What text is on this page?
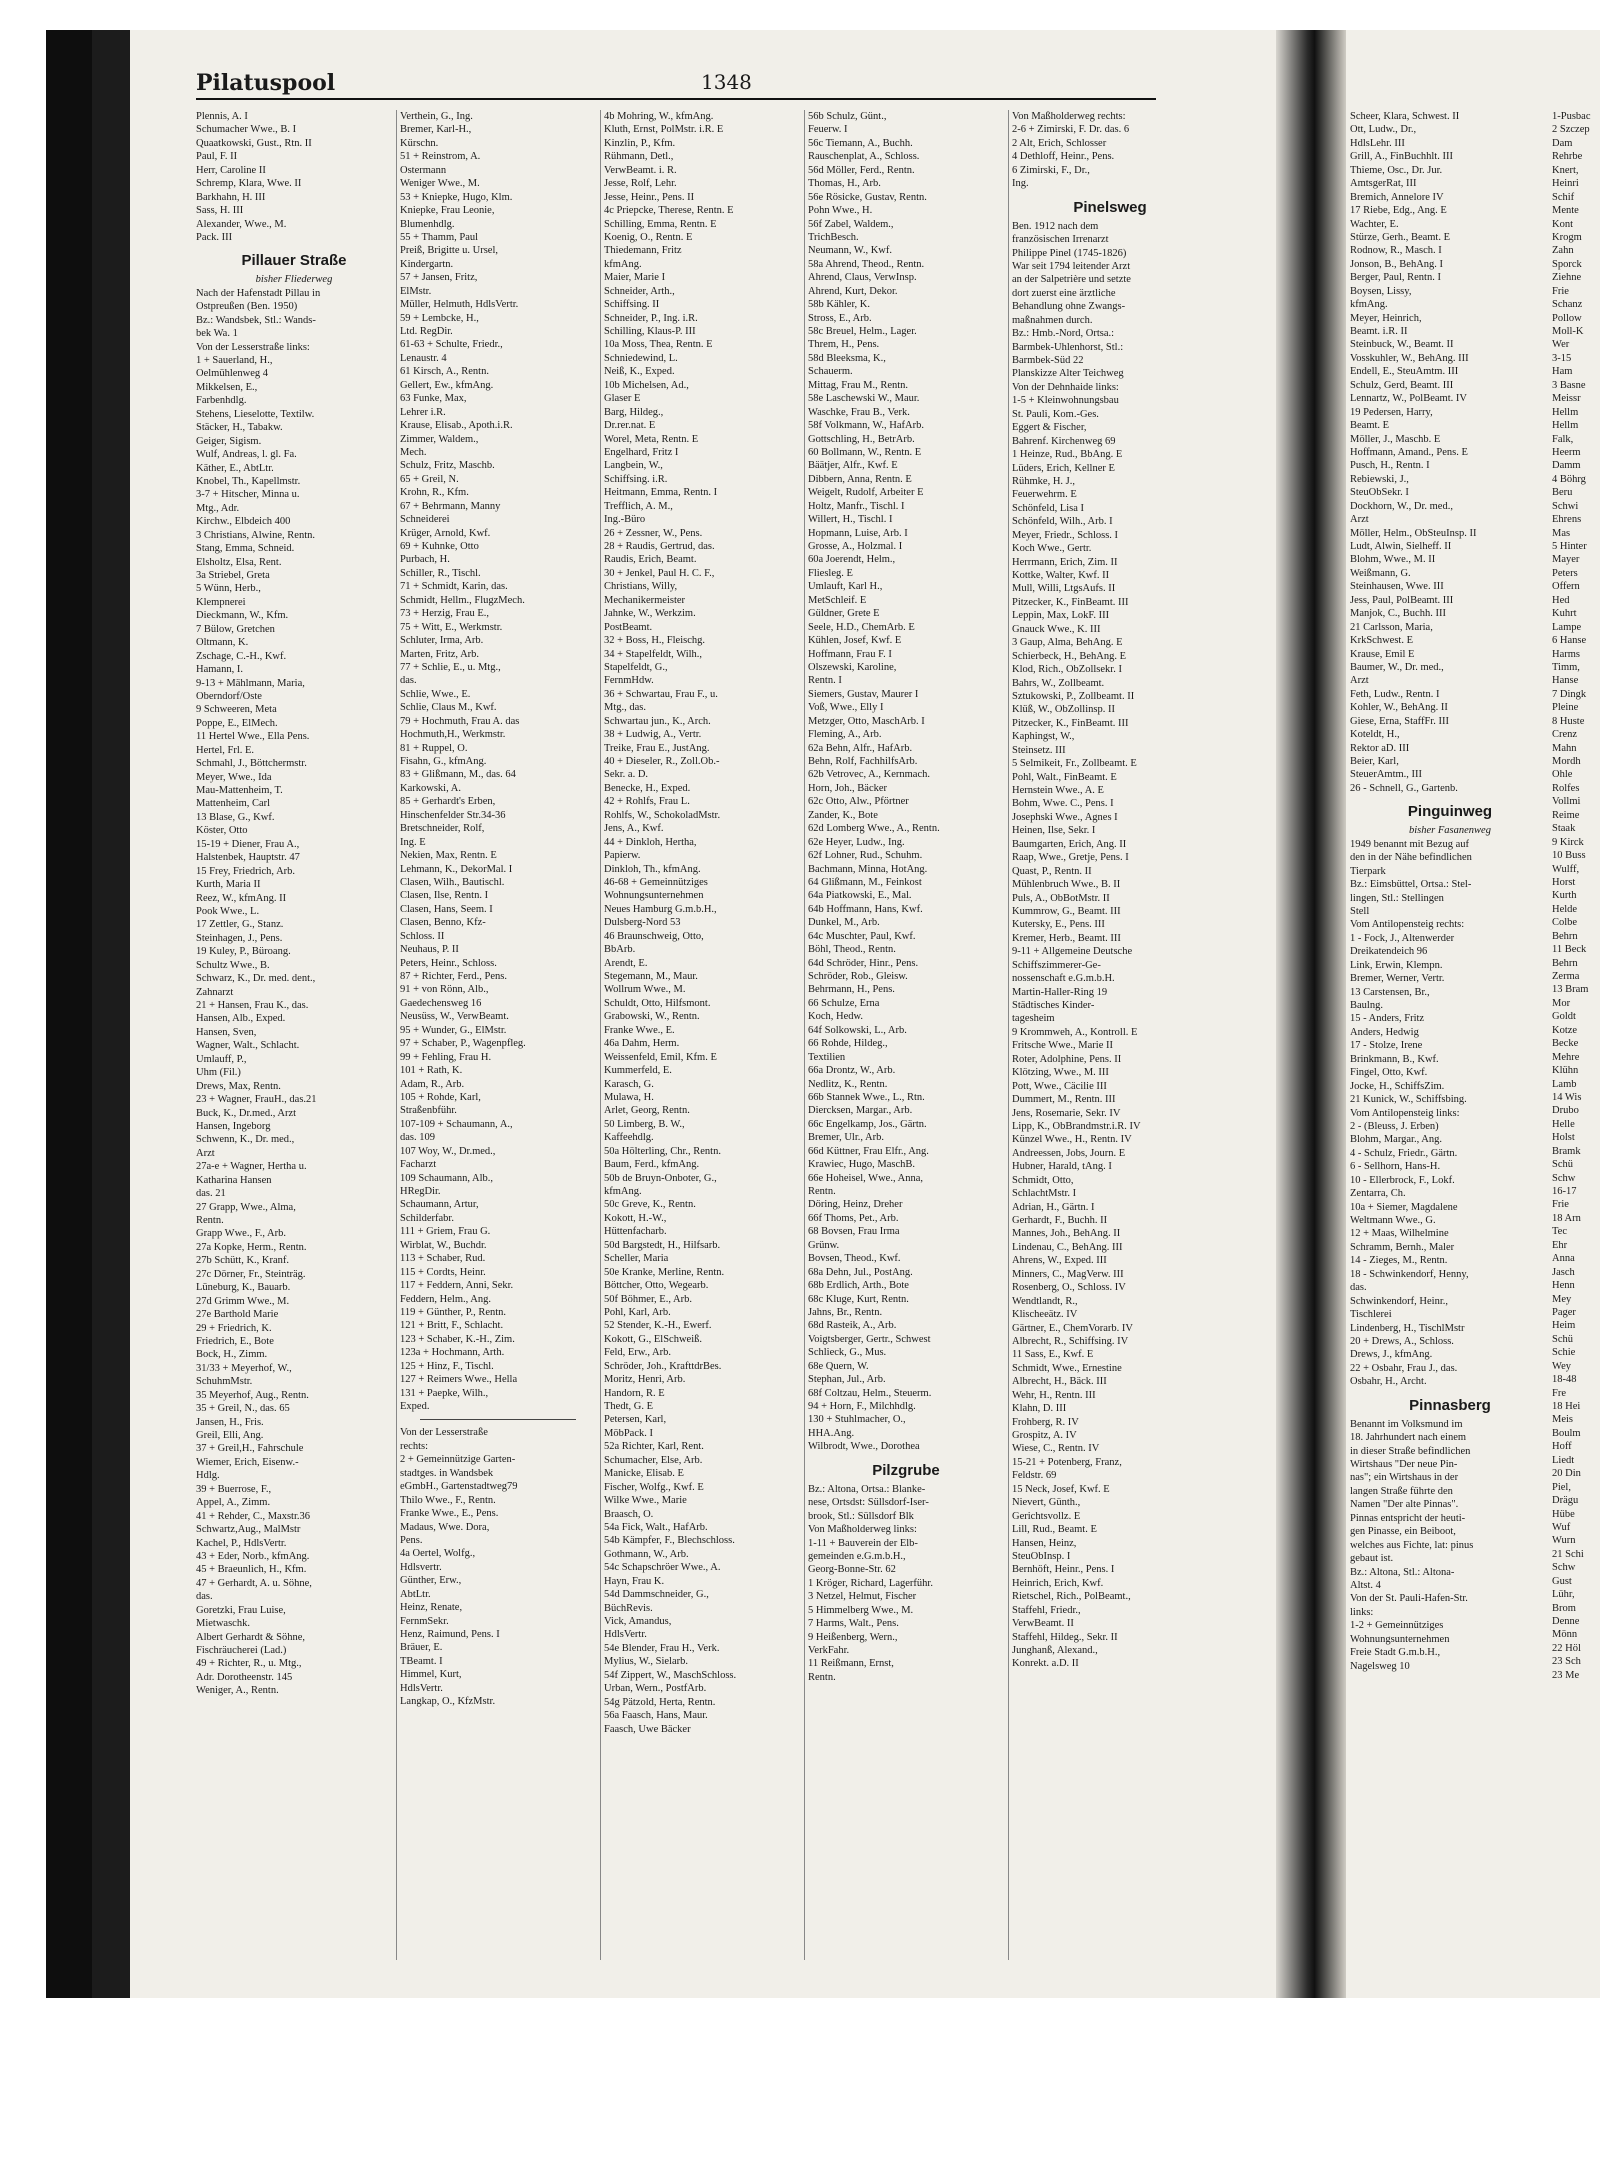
Pilatuspool	1348
Plennis, A. I
Schumacher Wwe., B. I
Quaatkowski, Gust., Rtn. II
Paul, F. II
Herr, Caroline II
Schremp, Klara, Wwe. II
Barkhahn, H. III
Sass, H. III
Alexander, Wwe., M.
Pack. III
Pillauer Straße
bisher Fliederweg
Nach der Hafenstadt Pillau in
Ostpreußen (Ben. 1950)
Bz.: Wandsbek, Stl.: Wands-
bek Wa. 1
Von der Lesserstraße links:
1 + Sauerland, H.,
Oelmühlenweg 4
Mikkelsen, E.,
Farbenhdlg.
Stehens, Lieselotte, Textilw.
Stäcker, H., Tabakw.
Geiger, Sigism.
Wulf, Andreas, l. gl. Fa.
Käther, E., AbtLtr.
Knobel, Th., Kapellmstr.
3-7 + Hitscher, Minna u.
Mtg., Adr.
Kirchw., Elbdeich 400
3 Christians, Alwine, Rentn.
Stang, Emma, Schneid.
Elsholtz, Elsa, Rent.
3a Striebel, Greta
5 Wünn, Herb.,
Klempnerei
Dieckmann, W., Kfm.
7 Bülow, Gretchen
Oltmann, K.
Zschage, C.-H., Kwf.
Hamann, I.
9-13 + Mählmann, Maria,
Oberndorf/Oste
9 Schweeren, Meta
Poppe, E., ElMech.
11 Hertel Wwe., Ella Pens.
Hertel, Frl. E.
Schmahl, J., Böttchermstr.
Meyer, Wwe., Ida
Mau-Mattenheim, T.
Mattenheim, Carl
13 Blase, G., Kwf.
Köster, Otto
15-19 + Diener, Frau A.,
Halstenbek, Hauptstr. 47
15 Frey, Friedrich, Arb.
Kurth, Maria II
Reez, W., kfmAng. II
Pook Wwe., L.
17 Zettler, G., Stanz.
Steinhagen, J., Pens.
19 Kuley, P., Büroang.
Schultz Wwe., B.
Schwarz, K., Dr. med. dent.,
Zahnarzt
21 + Hansen, Frau K., das.
Hansen, Alb., Exped.
Hansen, Sven,
Wagner, Walt., Schlacht.
Umlauff, P.,
Uhm (Fil.)
Drews, Max, Rentn.
23 + Wagner, FrauH., das.21
Buck, K., Dr.med., Arzt
Hansen, Ingeborg
Schwenn, K., Dr. med.,
Arzt
27a-e + Wagner, Hertha u.
Katharina Hansen
das. 21
27 Grapp, Wwe., Alma,
Rentn.
Grapp Wwe., F., Arb.
27a Kopke, Herm., Rentn.
27b Schütt, K., Kranf.
27c Dörner, Fr., Steinträg.
Lüneburg, K., Bauarb.
27d Grimm Wwe., M.
27e Barthold Marie
29 + Friedrich, K.
Friedrich, E., Bote
Bock, H., Zimm.
31/33 + Meyerhof, W.,
SchuhmMstr.
35 Meyerhof, Aug., Rentn.
35 + Greil, N., das. 65
Jansen, H., Fris.
Greil, Elli, Ang.
37 + Greil,H., Fahrschule
Wiemer, Erich, Eisenw.-
Hdlg.
39 + Buerrose, F.,
Appel, A., Zimm.
41 + Rehder, C., Maxstr.36
Schwartz,Aug., MalMstr
Kachel, P., HdlsVertr.
43 + Eder, Norb., kfmAng.
45 + Braeunlich, H., Kfm.
47 + Gerhardt, A. u. Söhne,
das.
Goretzki, Frau Luise,
Mietwaschk.
Albert Gerhardt & Söhne,
Fischräucherei (Lad.)
49 + Richter, R., u. Mtg.,
Adr. Dorotheenstr. 145
Weniger, A., Rentn.
Verthein, G., Ing.
Bremer, Karl-H.,
Kürschn.
51 + Reinstrom, A.
Ostermann
Weniger Wwe., M.
53 + Kniepke, Hugo, Klm.
Kniepke, Frau Leonie,
Blumenhdlg.
55 + Thamm, Paul
Preiß, Brigitte u. Ursel,
Kindergartn.
57 + Jansen, Fritz,
ElMstr.
Müller, Helmuth, HdlsVertr.
59 + Lembcke, H.,
Ltd. RegDir.
61-63 + Schulte, Friedr.,
Lenaustr. 4
61 Kirsch, A., Rentn.
Gellert, Ew., kfmAng.
63 Funke, Max,
Lehrer i.R.
Krause, Elisab., Apoth.i.R.
Zimmer, Waldem.,
Mech.
Schulz, Fritz, Maschb.
65 + Greil, N.
Krohn, R., Kfm.
67 + Behrmann, Manny
Schneiderei
Krüger, Arnold, Kwf.
69 + Kuhnke, Otto
Purbach, H.
Schiller, R., Tischl.
71 + Schmidt, Karin, das.
Schmidt, Hellm., FlugzMech.
73 + Herzig, Frau E.,
75 + Witt, E., Werkmstr.
Schluter, Irma, Arb.
Marten, Fritz, Arb.
77 + Schlie, E., u. Mtg.,
das.
Schlie, Wwe., E.
Schlie, Claus M., Kwf.
79 + Hochmuth, Frau A. das
Hochmuth,H., Werkmstr.
81 + Ruppel, O.
Fisahn, G., kfmAng.
83 + Glißmann, M., das. 64
Karkowski, A.
85 + Gerhardt's Erben,
Hinschenfelder Str.34-36
Bretschneider, Rolf,
Ing. E
Nekien, Max, Rentn. E
Lehmann, K., DekorMal. I
Clasen, Wilh., Bautischl.
Clasen, Ilse, Rentn. I
Clasen, Hans, Seem. I
Clasen, Benno, Kfz-
Schloss. II
Neuhaus, P. II
Peters, Heinr., Schloss.
87 + Richter, Ferd., Pens.
91 + von Rönn, Alb.,
Gaedechensweg 16
Neusüss, W., VerwBeamt.
95 + Wunder, G., ElMstr.
97 + Schaber, P., Wagenpfleg.
99 + Fehling, Frau H.
101 + Rath, K.
Adam, R., Arb.
105 + Rohde, Karl,
Straßenbführ.
107-109 + Schaumann, A.,
das. 109
107 Woy, W., Dr.med.,
Facharzt
109 Schaumann, Alb.,
HRegDir.
Schaumann, Artur,
Schilderfabr.
111 + Griem, Frau G.
Wirblat, W., Buchdr.
113 + Schaber, Rud.
115 + Cordts, Heinr.
117 + Feddern, Anni, Sekr.
Feddern, Helm., Ang.
119 + Günther, P., Rentn.
121 + Britt, F., Schlacht.
123 + Schaber, K.-H., Zim.
123a + Hochmann, Arth.
125 + Hinz, F., Tischl.
127 + Reimers Wwe., Hella
131 + Paepke, Wilh.,
Exped.
Von der Lesserstraße
rechts:
2 + Gemeinnützige Garten-
stadtges. in Wandsbek
eGmbH., Gartenstadtweg79
Thilo Wwe., F., Rentn.
Franke Wwe., E., Pens.
Madaus, Wwe. Dora,
Pens.
4a Oertel, Wolfg.,
Hdlsvertr.
Günther, Erw.,
AbtLtr.
Heinz, Renate,
FernmSekr.
Henz, Raimund, Pens. I
Bräuer, E.
TBeamt. I
Himmel, Kurt,
HdlsVertr.
Langkap, O., KfzMstr.
4b Mohring, W., kfmAng.
Kluth, Ernst, PolMstr. i.R. E
Kinzlin, P., Kfm.
Rühmann, Detl.,
VerwBeamt. i. R.
Jesse, Rolf, Lehr.
Jesse, Heinr., Pens. II
4c Priepcke, Therese, Rentn. E
Schilling, Emma, Rentn. E
Koenig, O., Rentn. E
Thiedemann, Fritz
kfmAng.
Maier, Marie I
Schneider, Arth.,
Schiffsing. II
Schneider, P., Ing. i.R.
Schilling, Klaus-P. III
10a Moss, Thea, Rentn. E
Schniedewind, L.
Neiß, K., Exped.
10b Michelsen, Ad.,
Glaser E
Barg, Hildeg.,
Dr.rer.nat. E
Worel, Meta, Rentn. E
Engelhard, Fritz I
Langbein, W.,
Schiffsing. i.R.
Heitmann, Emma, Rentn. I
Trefflich, A. M.,
Ing.-Büro
26 + Zessner, W., Pens.
28 + Raudis, Gertrud, das.
Raudis, Erich, Beamt.
30 + Jenkel, Paul H. C. F.,
Christians, Willy,
Mechanikermeister
Jahnke, W., Werkzim.
PostBeamt.
32 + Boss, H., Fleischg.
34 + Stapelfeldt, Wilh.,
Stapelfeldt, G.,
FernmHdw.
36 + Schwartau, Frau F., u.
Mtg., das.
Schwartau jun., K., Arch.
38 + Ludwig, A., Vertr.
Treike, Frau E., JustAng.
40 + Dieseler, R., Zoll.Ob.-
Sekr. a. D.
Benecke, H., Exped.
42 + Rohlfs, Frau L.
Rohlfs, W., SchokoladMstr.
Jens, A., Kwf.
44 + Dinkloh, Hertha,
Papierw.
Dinkloh, Th., kfmAng.
46-68 + Gemeinnütziges
Wohnungsunternehmen
Neues Hamburg G.m.b.H.,
Dulsberg-Nord 53
46 Braunschweig, Otto,
BbArb.
Arendt, E.
Stegemann, M., Maur.
Wollrum Wwe., M.
Schuldt, Otto, Hilfsmont.
Grabowski, W., Rentn.
Franke Wwe., E.
46a Dahm, Herm.
Weissenfeld, Emil, Kfm. E
Kummerfeld, E.
Karasch, G.
Mulawa, H.
Arlet, Georg, Rentn.
50 Limberg, B. W.,
Kaffeehdlg.
50a Hölterling, Chr., Rentn.
Baum, Ferd., kfmAng.
50b de Bruyn-Onboter, G.,
kfmAng.
50c Greve, K., Rentn.
Kokott, H.-W.,
Hüttenfacharb.
50d Bargstedt, H., Hilfsarb.
Scheller, Maria
50e Kranke, Merline, Rentn.
Böttcher, Otto, Wegearb.
50f Böhmer, E., Arb.
Pohl, Karl, Arb.
52 Stender, K.-H., Ewerf.
Kokott, G., ElSchweiß.
Feld, Erw., Arb.
Schröder, Joh., KrafttdrBes.
Moritz, Henri, Arb.
Handorn, R. E
Thedt, G. E
Petersen, Karl,
MöbPack. I
52a Richter, Karl, Rent.
Schumacher, Else, Arb.
Manicke, Elisab. E
Fischer, Wolfg., Kwf. E
Wilke Wwe., Marie
Braasch, O.
54a Fick, Walt., HafArb.
54b Kämpfer, F., Blechschloss.
Gothmann, W., Arb.
54c Schapschröer Wwe., A.
Hayn, Frau K.
54d Dammschneider, G.,
BüchRevis.
Vick, Amandus,
HdlsVertr.
54e Blender, Frau H., Verk.
Mylius, W., Sielarb.
54f Zippert, W., MaschSchloss.
Urban, Wern., PostfArb.
54g Pätzold, Herta, Rentn.
56a Faasch, Hans, Maur.
Faasch, Uwe Bäcker
56b Schulz, Günt.,
Feuerw. I
56c Tiemann, A., Buchh.
Rauschenplat, A., Schloss.
56d Möller, Ferd., Rentn.
Thomas, H., Arb.
56e Rösicke, Gustav, Rentn.
Pohn Wwe., H.
56f Zabel, Waldem.,
TrichBesch.
Neumann, W., Kwf.
58a Ahrend, Theod., Rentn.
Ahrend, Claus, VerwInsp.
Ahrend, Kurt, Dekor.
58b Kähler, K.
Stross, E., Arb.
58c Breuel, Helm., Lager.
Threm, H., Pens.
58d Bleeksma, K.,
Schauerm.
Mittag, Frau M., Rentn.
58e Laschewski W., Maur.
Waschke, Frau B., Verk.
58f Volkmann, W., HafArb.
Gottschling, H., BetrArb.
60 Bollmann, W., Rentn. E
Bäätjer, Alfr., Kwf. E
Dibbern, Anna, Rentn. E
Weigelt, Rudolf, Arbeiter E
Holtz, Manfr., Tischl. I
Willert, H., Tischl. I
Hopmann, Luise, Arb. I
Grosse, A., Holzmal. I
60a Joerendt, Helm.,
Fliesleg. E
Umlauft, Karl H.,
MetSchleif. E
Güldner, Grete E
Seele, H.D., ChemArb. E
Kühlen, Josef, Kwf. E
Hoffmann, Frau F. I
Olszewski, Karoline,
Rentn. I
Siemers, Gustav, Maurer I
Voß, Wwe., Elly I
Metzger, Otto, MaschArb. I
Fleming, A., Arb.
62a Behn, Alfr., HafArb.
Behn, Rolf, FachhilfsArb.
62b Vetrovec, A., Kernmach.
Horn, Joh., Bäcker
62c Otto, Alw., Pförtner
Zander, K., Bote
62d Lomberg Wwe., A., Rentn.
62e Heyer, Ludw., Ing.
62f Lohner, Rud., Schuhm.
Bachmann, Minna, HotAng.
64 Glißmann, M., Feinkost
64a Piatkowski, E., Mal.
64b Hoffmann, Hans, Kwf.
Dunkel, M., Arb.
64c Muschter, Paul, Kwf.
Böhl, Theod., Rentn.
64d Schröder, Hinr., Pens.
Schröder, Rob., Gleisw.
Behrmann, H., Pens.
66 Schulze, Erna
Koch, Hedw.
64f Solkowski, L., Arb.
66 Rohde, Hildeg.,
Textilien
66a Drontz, W., Arb.
Nedlitz, K., Rentn.
66b Stannek Wwe., L., Rtn.
Diercksen, Margar., Arb.
66c Engelkamp, Jos., Gärtn.
Bremer, Ulr., Arb.
66d Küttner, Frau Elfr., Ang.
Krawiec, Hugo, MaschB.
66e Hoheisel, Wwe., Anna,
Rentn.
Döring, Heinz, Dreher
66f Thoms, Pet., Arb.
68 Bovsen, Frau Irma
Grünw.
Bovsen, Theod., Kwf.
68a Dehn, Jul., PostAng.
68b Erdlich, Arth., Bote
68c Kluge, Kurt, Rentn.
Jahns, Br., Rentn.
68d Rasteik, A., Arb.
Voigtsberger, Gertr., Schwest
Schlieck, G., Mus.
68e Quern, W.
Stephan, Jul., Arb.
68f Coltzau, Helm., Steuerm.
94 + Horn, F., Milchhdlg.
130 + Stuhlmacher, O.,
HHA.Ang.
Wilbrodt, Wwe., Dorothea
Pilzgrube
Bz.: Altona, Ortsa.: Blanke-
nese, Ortsdst: Süllsdorf-Iser-
brook, Stl.: Süllsdorf Blk
Von Maßholderweg links:
1-11 + Bauverein der Elb-
gemeinden e.G.m.b.H.,
Georg-Bonne-Str. 62
1 Kröger, Richard, Lagerführ.
3 Netzel, Helmut, Fischer
5 Himmelberg Wwe., M.
7 Harms, Walt., Pens.
9 Heißenberg, Wern.,
VerkFahr.
11 Reißmann, Ernst,
Rentn.
Von Maßholderweg rechts:
2-6 + Zimirski, F. Dr. das. 6
2 Alt, Erich, Schlosser
4 Dethloff, Heinr., Pens.
6 Zimirski, F., Dr.,
Ing.
Pinelsweg
Ben. 1912 nach dem
französischen Irrenarzt
Philippe Pinel (1745-1826)
War seit 1794 leitender Arzt
an der Salpetrière und setzte
dort zuerst eine ärztliche
Behandlung ohne Zwangs-
maßnahmen durch.
Bz.: Hmb.-Nord, Ortsa.:
Barmbek-Uhlenhorst, Stl.:
Barmbek-Süd 22
Planskizze Alter Teichweg
Von der Dehnhaide links:
1-5 + Kleinwohnungsbau
St. Pauli, Kom.-Ges.
Eggert & Fischer,
Bahrenf. Kirchenweg 69
1 Heinze, Rud., BbAng. E
Lüders, Erich, Kellner E
Rühmke, H. J.,
Feuerwehrm. E
Schönfeld, Lisa I
Schönfeld, Wilh., Arb. I
Meyer, Friedr., Schloss. I
Koch Wwe., Gertr.
Herrmann, Erich, Zim. II
Kottke, Walter, Kwf. II
Mull, Willi, LtgsAufs. II
Pitzecker, K., FinBeamt. III
Leppin, Max, LokF. III
Gnauck Wwe., K. III
3 Gaup, Alma, BehAng. E
Schierbeck, H., BehAng. E
Klod, Rich., ObZollsekr. I
Bahrs, W., Zollbeamt.
Sztukowski, P., Zollbeamt. II
Klüß, W., ObZollinsp. II
Pitzecker, K., FinBeamt. III
Kaphingst, W.,
Steinsetz. III
5 Selmikeit, Fr., Zollbeamt. E
Pohl, Walt., FinBeamt. E
Hernstein Wwe., A. E
Bohm, Wwe. C., Pens. I
Josephski Wwe., Agnes I
Heinen, Ilse, Sekr. I
Baumgarten, Erich, Ang. II
Raap, Wwe., Gretje, Pens. I
Quast, P., Rentn. II
Mühlenbruch Wwe., B. II
Puls, A., ObBotMstr. II
Kummrow, G., Beamt. III
Kutersky, E., Pens. III
Kremer, Herb., Beamt. III
9-11 + Allgemeine Deutsche
Schiffszimmerer-Ge-
nossenschaft e.G.m.b.H.
Martin-Haller-Ring 19
Städtisches Kinder-
tagesheim
9 Krommweh, A., Kontroll. E
Fritsche Wwe., Marie II
Roter, Adolphine, Pens. II
Klötzing, Wwe., M. III
Pott, Wwe., Cäcilie III
Dummert, M., Rentn. III
Jens, Rosemarie, Sekr. IV
Lipp, K., ObBrandmstr.i.R. IV
Künzel Wwe., H., Rentn. IV
Andreessen, Jobs, Journ. E
Hubner, Harald, tAng. I
Schmidt, Otto,
SchlachtMstr. I
Adrian, H., Gärtn. I
Gerhardt, F., Buchh. II
Mannes, Joh., BehAng. II
Lindenau, C., BehAng. III
Ahrens, W., Exped. III
Minners, C., MagVerw. III
Rosenberg, O., Schloss. IV
Wendtlandt, R.,
Klischeeätz. IV
Gärtner, E., ChemVorarb. IV
Albrecht, R., Schiffsing. IV
11 Sass, E., Kwf. E
Schmidt, Wwe., Ernestine
Albrecht, H., Bäck. III
Wehr, H., Rentn. III
Klahn, D. III
Frohberg, R. IV
Grospitz, A. IV
Wiese, C., Rentn. IV
15-21 + Potenberg, Franz,
Feldstr. 69
15 Neck, Josef, Kwf. E
Nievert, Günth.,
Gerichtsvollz. E
Lill, Rud., Beamt. E
Hansen, Heinz,
SteuObInsp. I
Bernhöft, Heinr., Pens. I
Heinrich, Erich, Kwf.
Rietschel, Rich., PolBeamt.,
Staffehl, Friedr.,
VerwBeamt. II
Staffehl, Hildeg., Sekr. II
Junghanß, Alexand.,
Konrekt. a.D. II
Scheer, Klara, Schwest. II
Ott, Ludw., Dr.,
HdlsLehr. III
Grill, A., FinBuchhlt. III
Thieme, Osc., Dr. Jur.
AmtsgerRat, III
Bremich, Annelore IV
17 Riebe, Edg., Ang. E
Wachter, E.
Stürze, Gerh., Beamt. E
Rodnow, R., Masch. I
Jonson, B., BehAng. I
Berger, Paul, Rentn. I
Boysen, Lissy,
kfmAng.
Meyer, Heinrich,
Beamt. i.R. II
Steinbuck, W., Beamt. II
Vosskuhler, W., BehAng. III
Endell, E., SteuAmtm. III
Schulz, Gerd, Beamt. III
Lennartz, W., PolBeamt. IV
19 Pedersen, Harry,
Beamt. E
Möller, J., Maschb. E
Hoffmann, Amand., Pens. E
Pusch, H., Rentn. I
Rebiewski, J.,
SteuObSekr. I
Dockhorn, W., Dr. med.,
Arzt
Möller, Helm., ObSteuInsp. II
Ludt, Alwin, Sielheff. II
Blohm, Wwe., M. II
Weißmann, G.
Steinhausen, Wwe. III
Jess, Paul, PolBeamt. III
Manjok, C., Buchh. III
21 Carlsson, Maria,
KrkSchwest. E
Krause, Emil E
Baumer, W., Dr. med.,
Arzt
Feth, Ludw., Rentn. I
Kohler, W., BehAng. II
Giese, Erna, StaffFr. III
Koteldt, H.,
Rektor aD. III
Beier, Karl,
SteuerAmtm., III
26 - Schnell, G., Gartenb.
Pinguinweg
bisher Fasanenweg
1949 benannt mit Bezug auf
den in der Nähe befindlichen
Tierpark
Bz.: Eimsbüttel, Ortsa.: Stel-
lingen, Stl.: Stellingen
Stell
Vom Antilopensteig rechts:
1 - Fock, J., Altenwerder
Dreikatendeich 96
Link, Erwin, Klempn.
Bremer, Werner, Vertr.
13 Carstensen, Br.,
Baulng.
15 - Anders, Fritz
Anders, Hedwig
17 - Stolze, Irene
Brinkmann, B., Kwf.
Fingel, Otto, Kwf.
Jocke, H., SchiffsZim.
21 Kunick, W., Schiffsbing.
Vom Antilopensteig links:
2 - (Bleuss, J. Erben)
Blohm, Margar., Ang.
4 - Schulz, Friedr., Gärtn.
6 - Sellhorn, Hans-H.
10 - Ellerbrock, F., Lokf.
Zentarra, Ch.
10a + Siemer, Magdalene
Weltmann Wwe., G.
12 + Maas, Wilhelmine
Schramm, Bernh., Maler
14 - Zieges, M., Rentn.
18 - Schwinkendorf, Henny,
das.
Schwinkendorf, Heinr.,
Tischlerei
Lindenberg, H., TischlMstr
20 + Drews, A., Schloss.
Drews, J., kfmAng.
22 + Osbahr, Frau J., das.
Osbahr, H., Archt.
Pinnasberg
Benannt im Volksmund im
18. Jahrhundert nach einem
in dieser Straße befindlichen
Wirtshaus "Der neue Pin-
nas"; ein Wirtshaus in der
langen Straße führte den
Namen "Der alte Pinnas".
Pinnas entspricht der heuti-
gen Pinasse, ein Beiboot,
welches aus Fichte, lat: pinus
gebaut ist.
Bz.: Altona, Stl.: Altona-
Altst. 4
Von der St. Pauli-Hafen-Str.
links:
1-2 + Gemeinnütziges
Wohnungsunternehmen
Freie Stadt G.m.b.H.,
Nagelsweg 10
1-Pusbac
2 Szczep
Dam
Rehrbe
Knert,
Heinri
Schif
Mente
Kont
Krogm
Zahn
Sporck
Ziehne
Frie
Schanz
Pollow
Moll-K
Wer
3-15
Ham
3 Basne
Meissr
Hellm
Hellm
Falk,
Heerm
Damm
4 Böhrg
Beru
Schwi
Ehrens
Mas
5 Hinter
Mayer
Peters
Offern
Hed
Kuhrt
Lampe
6 Hanse
Harms
Timm,
Hanse
7 Dingk
Pleine
8 Huste
Crenz
Mahn
Mordh
Ohle
Rolfes
Vollmi
Reime
Staak
9 Kirck
10 Buss
Wulff,
Horst
Kurth
Helde
Colbe
Behrn
11 Beck
Behrn
Zerma
13 Bram
Mor
Goldt
Kotze
Becke
Mehre
Klühn
Lamb
14 Wis
Drubo
Helle
Holst
Bramk
Schü
Schw
16-17
Frie
18 Arn
Tec
Ehr
Anna
Jasch
Henn
Mey
Pager
Heim
Schü
Schie
Wey
18-48
Fre
18 Hei
Meis
Boulm
Hoff
Liedt
20 Din
Piel,
Drägu
Hübe
Wuf
Wurn
21 Schi
Schw
Gust
Lühr,
Brom
Denne
Mönn
22 Höl
23 Sch
23 Me
